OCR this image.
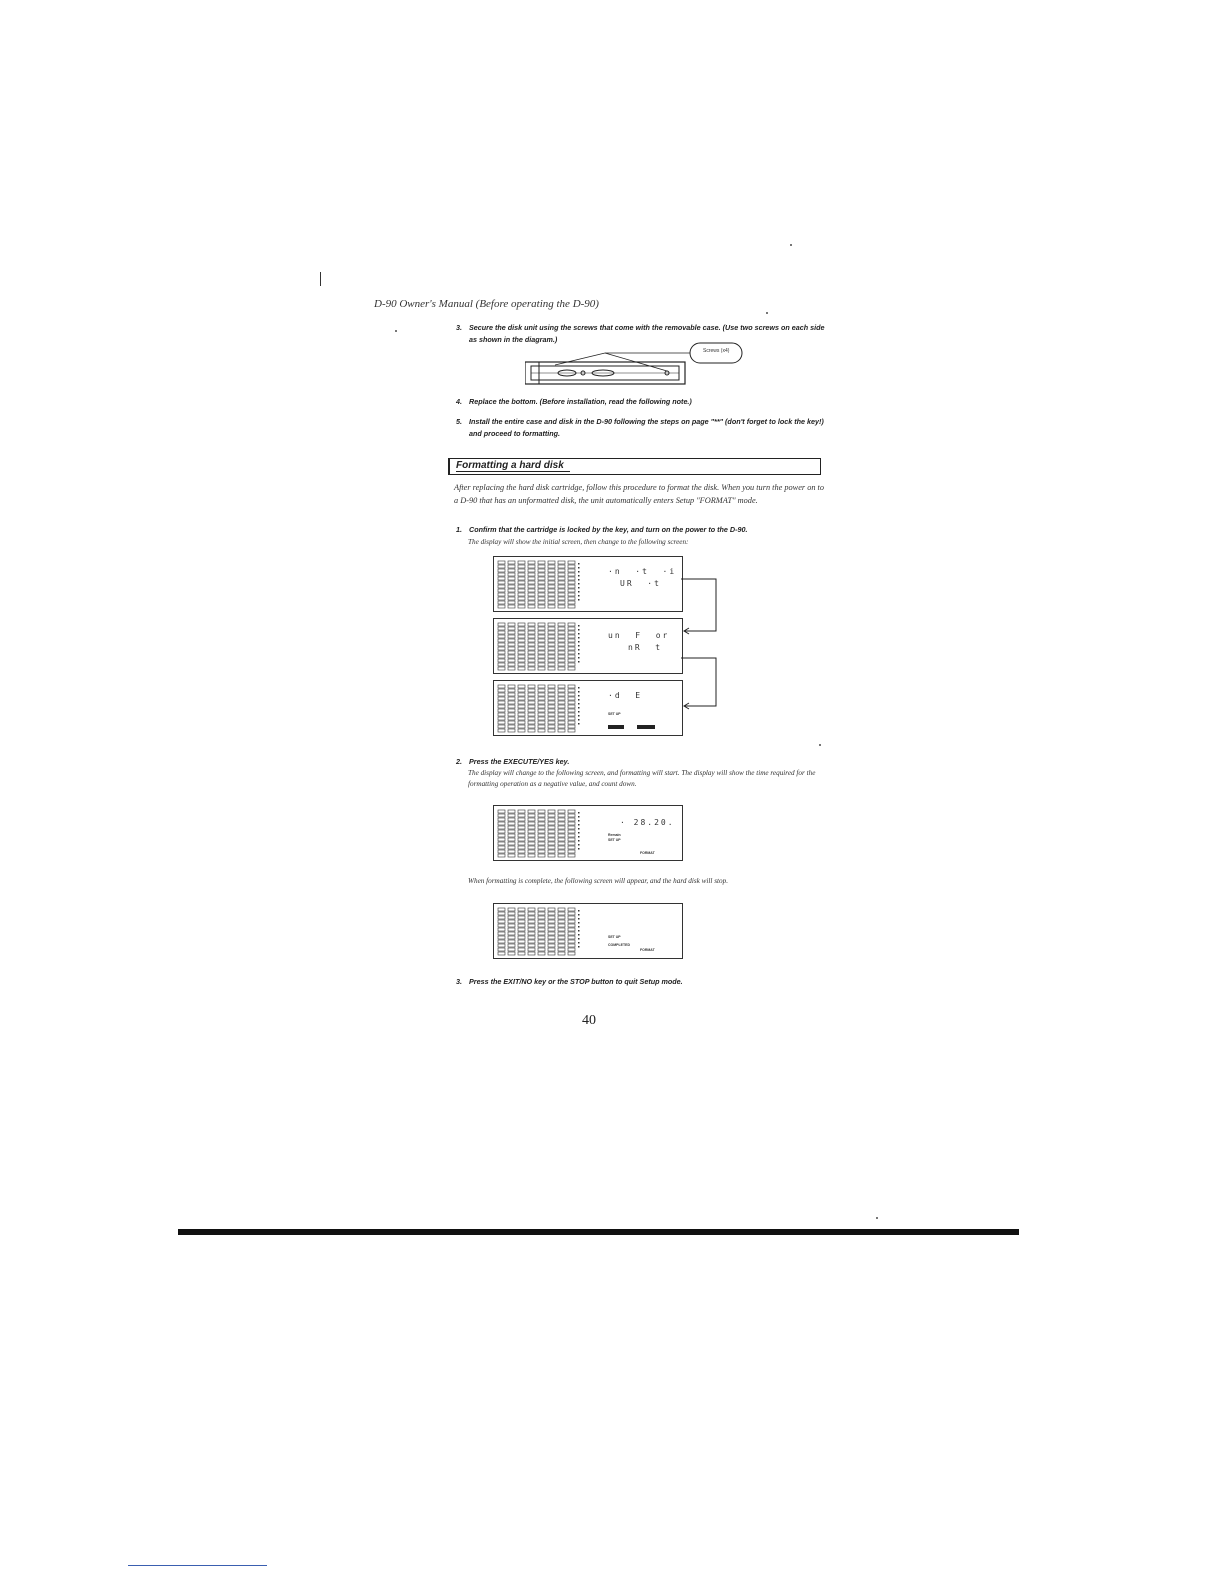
D-90 Owner's Manual (Before operating the D-90)
3. Secure the disk unit using the screws that come with the removable case. (Use two screws on each side as shown in the diagram.)
Screws (x4)
4. Replace the bottom. (Before installation, read the following note.)
5. Install the entire case and disk in the D-90 following the steps on page "**" (don't forget to lock the key!) and proceed to formatting.
Formatting a hard disk
After replacing the hard disk cartridge, follow this procedure to format the disk. When you turn the power on to a D-90 that has an unformatted disk, the unit automatically enters Setup "FORMAT" mode.
1. Confirm that the cartridge is locked by the key, and turn on the power to the D-90.
The display will show the initial screen, then change to the following screen:
·n  ·t  ·i
UR  ·t
un  F  or
nR  t
·d  E
SET UP
2. Press the EXECUTE/YES key.
The display will change to the following screen, and formatting will start. The display will show the time required for the formatting operation as a negative value, and count down.
· 28.20.
Remain
SET UP
FORMAT
When formatting is complete, the following screen will appear, and the hard disk will stop.
SET UP
COMPLETED
FORMAT
3. Press the EXIT/NO key or the STOP button to quit Setup mode.
40
